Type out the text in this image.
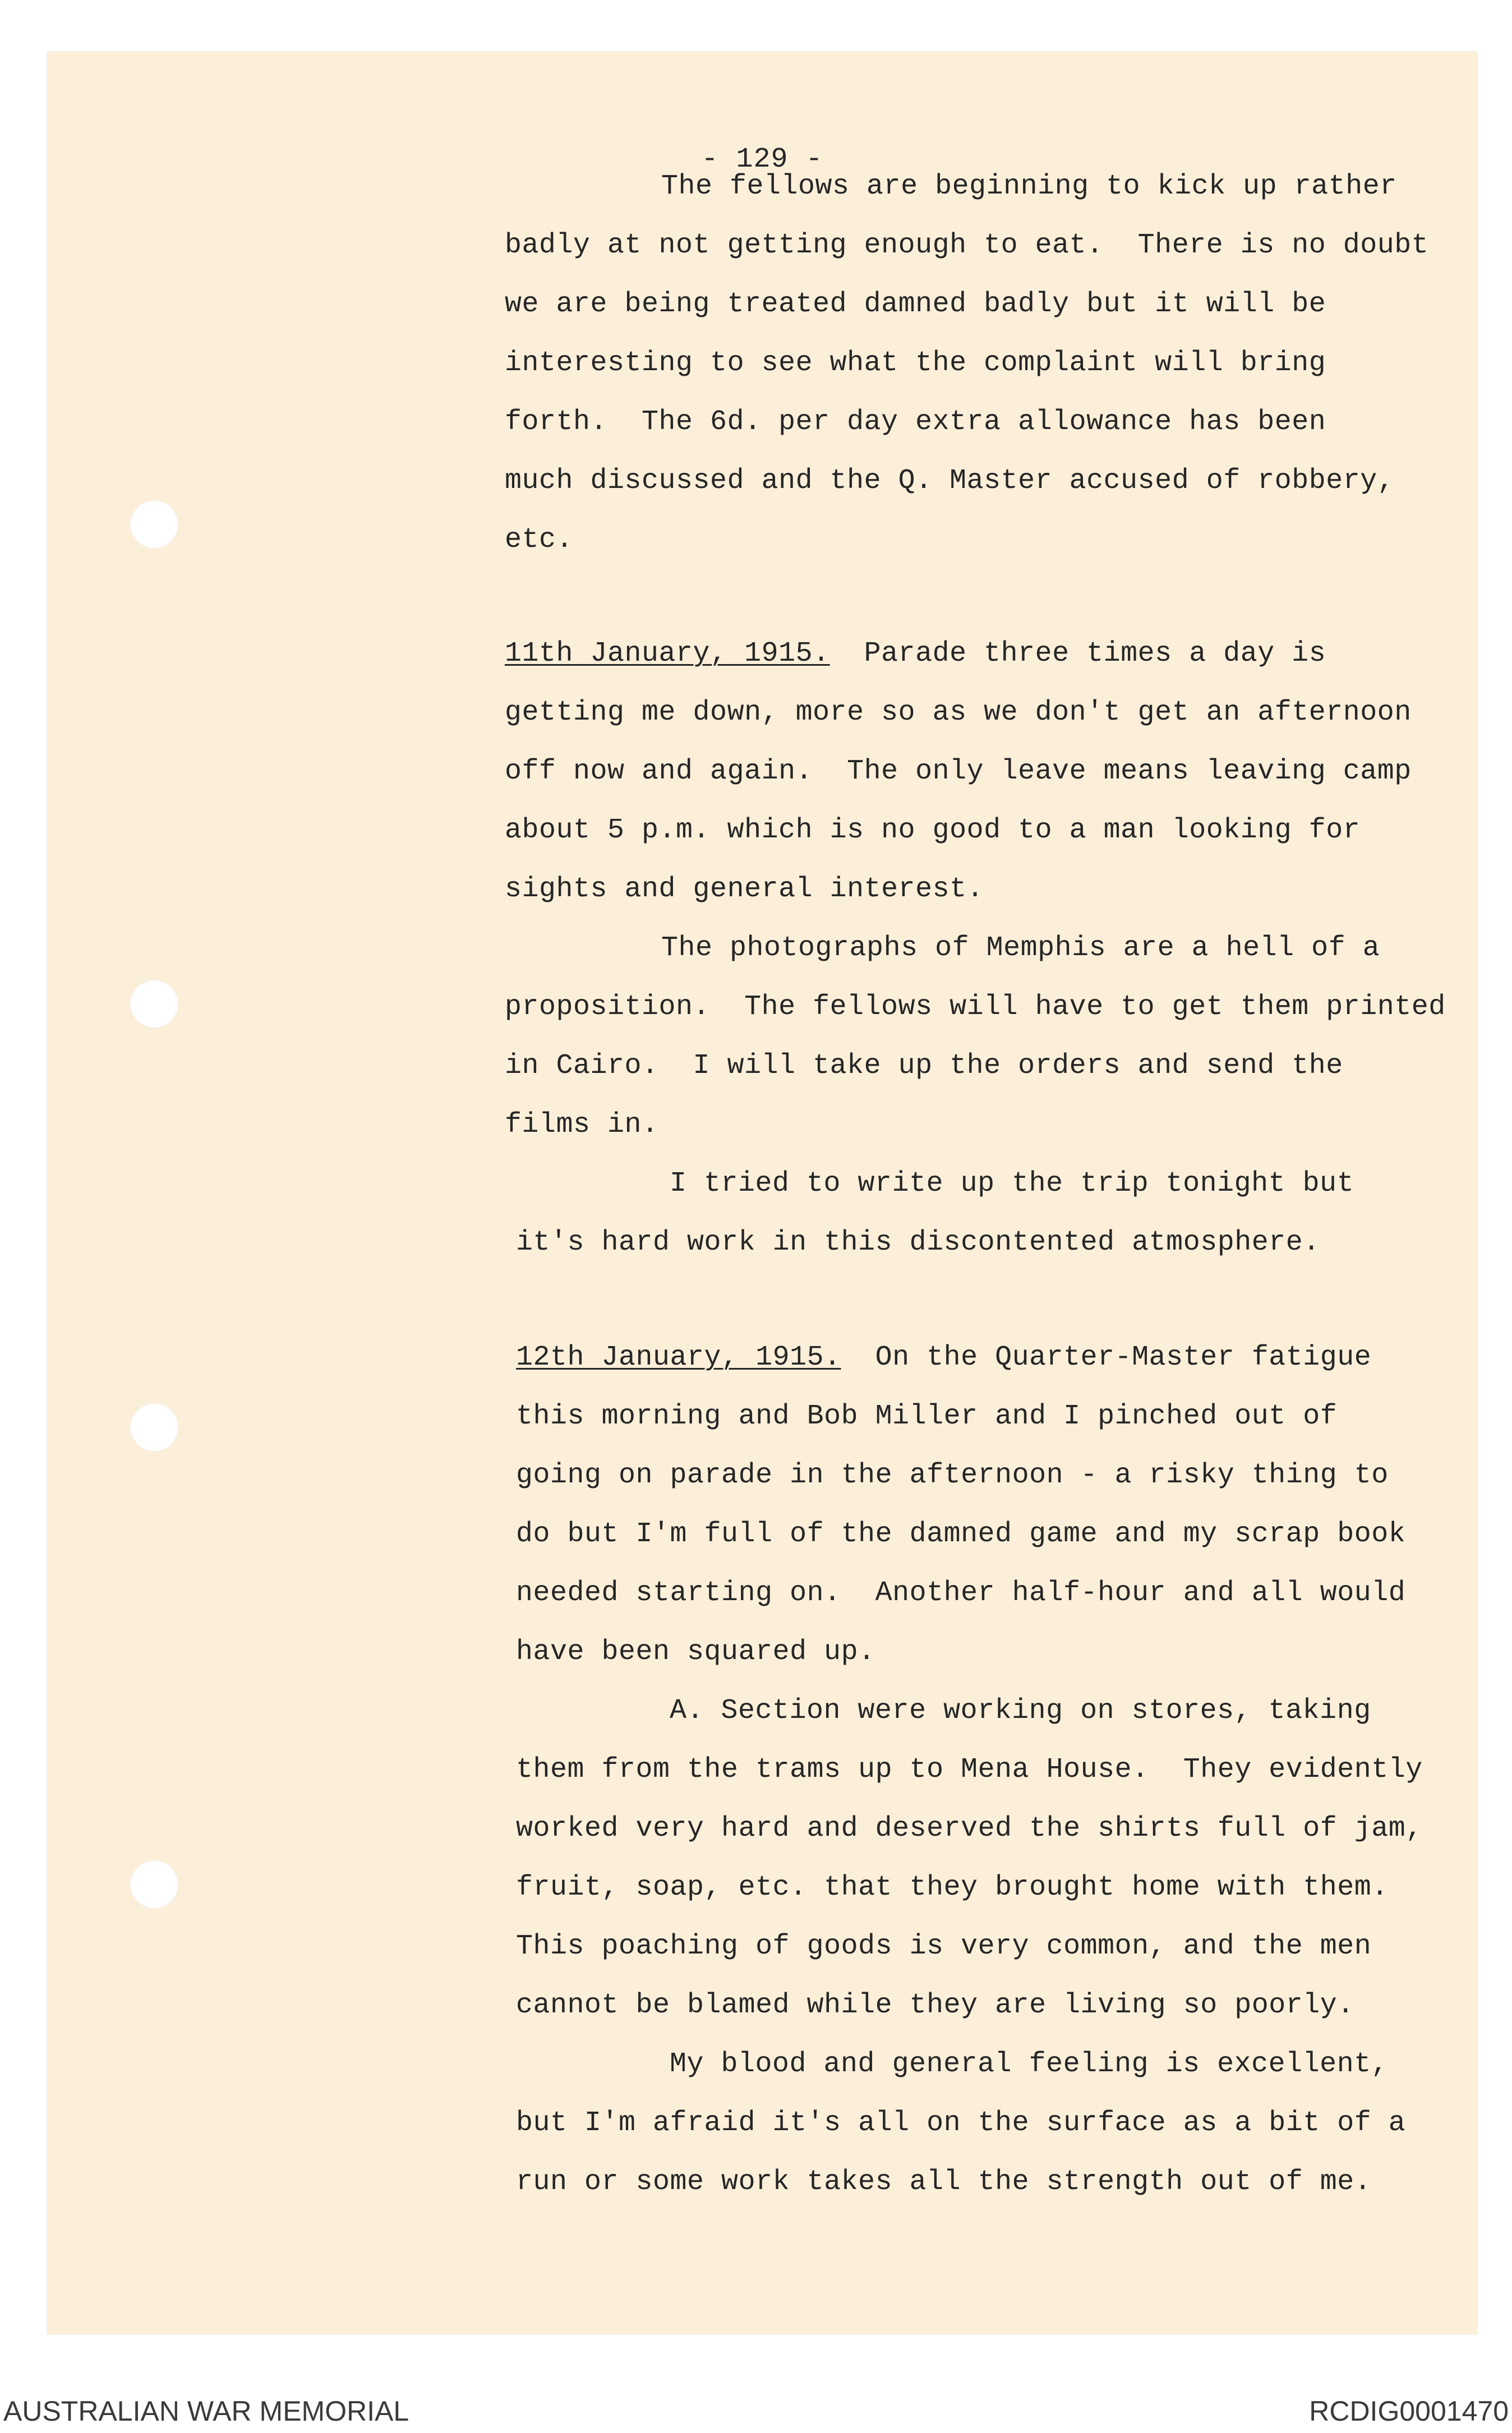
- 129 -
The fellows are beginning to kick up rather
badly at not getting enough to eat.  There is no doubt
we are being treated damned badly but it will be
interesting to see what the complaint will bring
forth.  The 6d. per day extra allowance has been
much discussed and the Q. Master accused of robbery,
etc.
11th January, 1915.  Parade three times a day is
getting me down, more so as we don't get an afternoon
off now and again.  The only leave means leaving camp
about 5 p.m. which is no good to a man looking for
sights and general interest.
The photographs of Memphis are a hell of a
proposition.  The fellows will have to get them printed
in Cairo.  I will take up the orders and send the
films in.
I tried to write up the trip tonight but
it's hard work in this discontented atmosphere.
12th January, 1915.  On the Quarter-Master fatigue
this morning and Bob Miller and I pinched out of
going on parade in the afternoon - a risky thing to
do but I'm full of the damned game and my scrap book
needed starting on.  Another half-hour and all would
have been squared up.
A. Section were working on stores, taking
them from the trams up to Mena House.  They evidently
worked very hard and deserved the shirts full of jam,
fruit, soap, etc. that they brought home with them.
This poaching of goods is very common, and the men
cannot be blamed while they are living so poorly.
My blood and general feeling is excellent,
but I'm afraid it's all on the surface as a bit of a
run or some work takes all the strength out of me.
AUSTRALIAN WAR MEMORIAL	RCDIG0001470
